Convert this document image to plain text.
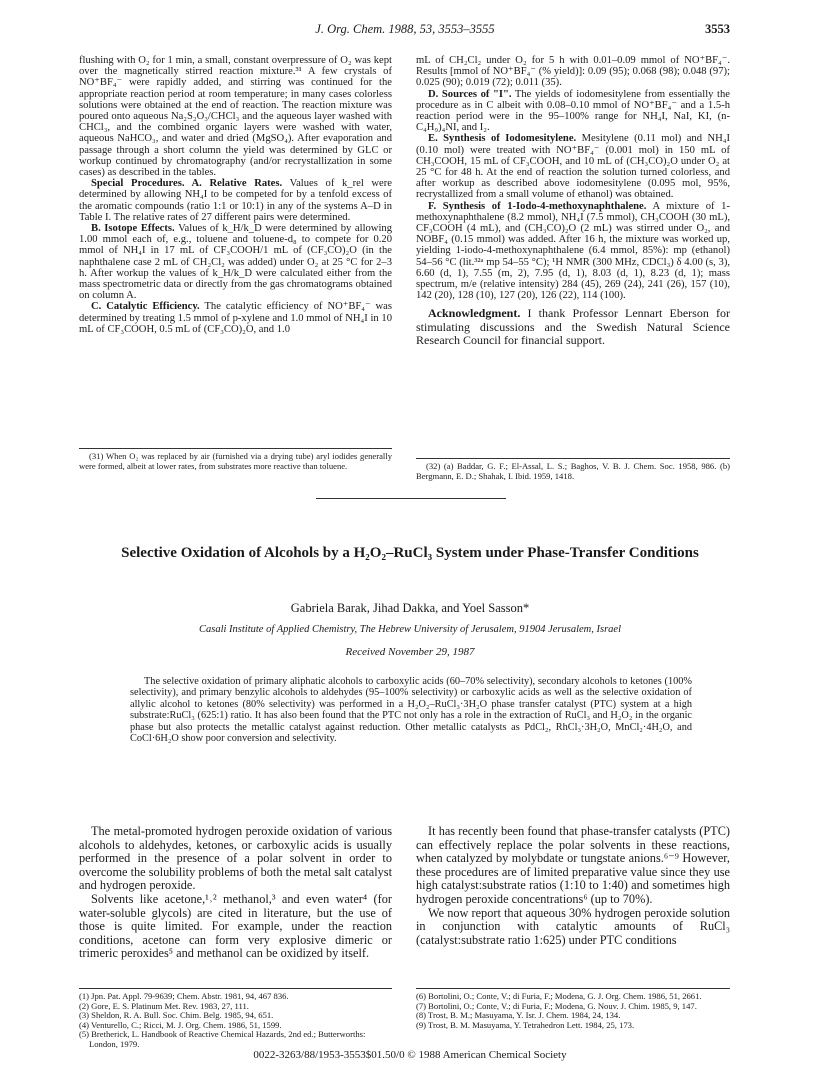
J. Org. Chem. 1988, 53, 3553–3555	3553

flushing with O₂ for 1 min, a small, constant overpressure of O₂ was kept over the magnetically stirred reaction mixture.³¹ A few crystals of NO⁺BF₄⁻ were rapidly added, and stirring was continued for the appropriate reaction period at room temperature; in many cases colorless solutions were obtained at the end of reaction. The reaction mixture was poured onto aqueous Na₂S₂O₃/CHCl₃ and the aqueous layer washed with CHCl₃, and the combined organic layers were washed with water, aqueous NaHCO₃, and water and dried (MgSO₄). After evaporation and passage through a short column the yield was determined by GLC or workup continued by chromatography (and/or recrystallization in some cases) as described in the tables.

Special Procedures. A. Relative Rates. Values of k_rel were determined by allowing NH₄I to be competed for by a tenfold excess of the aromatic compounds (ratio 1:1 or 10:1) in any of the systems A–D in Table I. The relative rates of 27 different pairs were determined.

B. Isotope Effects. Values of k_H/k_D were determined by allowing 1.00 mmol each of, e.g., toluene and toluene-d₈ to compete for 0.20 mmol of NH₄I in 17 mL of CF₃COOH/1 mL of (CF₃CO)₂O (in the naphthalene case 2 mL of CH₂Cl₂ was added) under O₂ at 25 °C for 2–3 h. After workup the values of k_H/k_D were calculated either from the mass spectrometric data or directly from the gas chromatograms obtained on column A.

C. Catalytic Efficiency. The catalytic efficiency of NO⁺BF₄⁻ was determined by treating 1.5 mmol of p-xylene and 1.0 mmol of NH₄I in 10 mL of CF₃COOH, 0.5 mL of (CF₃CO)₂O, and 1.0

mL of CH₂Cl₂ under O₂ for 5 h with 0.01–0.09 mmol of NO⁺BF₄⁻. Results [mmol of NO⁺BF₄⁻ (% yield)]: 0.09 (95); 0.068 (98); 0.048 (97); 0.025 (90); 0.019 (72); 0.011 (35).

D. Sources of "I". The yields of iodomesitylene from essentially the procedure as in C albeit with 0.08–0.10 mmol of NO⁺BF₄⁻ and a 1.5-h reaction period were in the 95–100% range for NH₄I, NaI, KI, (n-C₄H₉)₄NI, and I₂.

E. Synthesis of Iodomesitylene. Mesitylene (0.11 mol) and NH₄I (0.10 mol) were treated with NO⁺BF₄⁻ (0.001 mol) in 150 mL of CH₃COOH, 15 mL of CF₃COOH, and 10 mL of (CH₃CO)₂O under O₂ at 25 °C for 48 h. At the end of reaction the solution turned colorless, and after workup as described above iodomesitylene (0.095 mol, 95%, recrystallized from a small volume of ethanol) was obtained.

F. Synthesis of 1-Iodo-4-methoxynaphthalene. A mixture of 1-methoxynaphthalene (8.2 mmol), NH₄I (7.5 mmol), CH₃COOH (30 mL), CF₃COOH (4 mL), and (CH₃CO)₂O (2 mL) was stirred under O₂, and NOBF₄ (0.15 mmol) was added. After 16 h, the mixture was worked up, yielding 1-iodo-4-methoxynaphthalene (6.4 mmol, 85%): mp (ethanol) 54–56 °C (lit.³²ᵃ mp 54–55 °C); ¹H NMR (300 MHz, CDCl₃) δ 4.00 (s, 3), 6.60 (d, 1), 7.55 (m, 2), 7.95 (d, 1), 8.03 (d, 1), 8.23 (d, 1); mass spectrum, m/e (relative intensity) 284 (45), 269 (24), 241 (26), 157 (10), 142 (20), 128 (10), 127 (20), 126 (22), 114 (100).

Acknowledgment. I thank Professor Lennart Eberson for stimulating discussions and the Swedish Natural Science Research Council for financial support.

(31) When O₂ was replaced by air (furnished via a drying tube) aryl iodides generally were formed, albeit at lower rates, from substrates more reactive than toluene.	(32) (a) Baddar, G. F.; El-Assal, L. S.; Baghos, V. B. J. Chem. Soc. 1958, 986. (b) Bergmann, E. D.; Shahak, I. Ibid. 1959, 1418.
Selective Oxidation of Alcohols by a H₂O₂–RuCl₃ System under Phase-Transfer Conditions
Gabriela Barak, Jihad Dakka, and Yoel Sasson*
Casali Institute of Applied Chemistry, The Hebrew University of Jerusalem, 91904 Jerusalem, Israel
Received November 29, 1987
The selective oxidation of primary aliphatic alcohols to carboxylic acids (60–70% selectivity), secondary alcohols to ketones (100% selectivity), and primary benzylic alcohols to aldehydes (95–100% selectivity) or carboxylic acids as well as the selective oxidation of allylic alcohol to ketones (80% selectivity) was performed in a H₂O₂–RuCl₃·3H₂O phase transfer catalyst (PTC) system at a high substrate:RuCl₃ (625:1) ratio. It has also been found that the PTC not only has a role in the extraction of RuCl₃ and H₂O₂ in the organic phase but also protects the metallic catalyst against reduction. Other metallic catalysts as PdCl₂, RhCl₃·3H₂O, MnCl₂·4H₂O, and CoCl·6H₂O show poor conversion and selectivity.

The metal-promoted hydrogen peroxide oxidation of various alcohols to aldehydes, ketones, or carboxylic acids is usually performed in the presence of a polar solvent in order to overcome the solubility problems of both the metal salt catalyst and hydrogen peroxide.

Solvents like acetone,¹˒² methanol,³ and even water⁴ (for water-soluble glycols) are cited in literature, but the use of those is quite limited. For example, under the reaction conditions, acetone can form very explosive dimeric or trimeric peroxides⁵ and methanol can be oxidized by itself.

It has recently been found that phase-transfer catalysts (PTC) can effectively replace the polar solvents in these reactions, when catalyzed by molybdate or tungstate anions.⁶⁻⁹ However, these procedures are of limited preparative value since they use high catalyst:substrate ratios (1:10 to 1:40) and sometimes high hydrogen peroxide concentrations⁶ (up to 70%).

We now report that aqueous 30% hydrogen peroxide solution in conjunction with catalytic amounts of RuCl₃ (catalyst:substrate ratio 1:625) under PTC conditions

(1) Jpn. Pat. Appl. 79-9639; Chem. Abstr. 1981, 94, 467 836.
(2) Gore, E. S. Platinum Met. Rev. 1983, 27, 111.
(3) Sheldon, R. A. Bull. Soc. Chim. Belg. 1985, 94, 651.
(4) Venturello, C.; Ricci, M. J. Org. Chem. 1986, 51, 1599.
(5) Bretherick, L. Handbook of Reactive Chemical Hazards, 2nd ed.; Butterworths: London, 1979.
(6) Bortolini, O.; Conte, V.; di Furia, F.; Modena, G. J. Org. Chem. 1986, 51, 2661.
(7) Bortolini, O.; Conte, V.; di Furia, F.; Modena, G. Nouv. J. Chim. 1985, 9, 147.
(8) Trost, B. M.; Masuyama, Y. Isr. J. Chem. 1984, 24, 134.
(9) Trost, B. M. Masuyama, Y. Tetrahedron Lett. 1984, 25, 173.
0022-3263/88/1953-3553$01.50/0 © 1988 American Chemical Society
